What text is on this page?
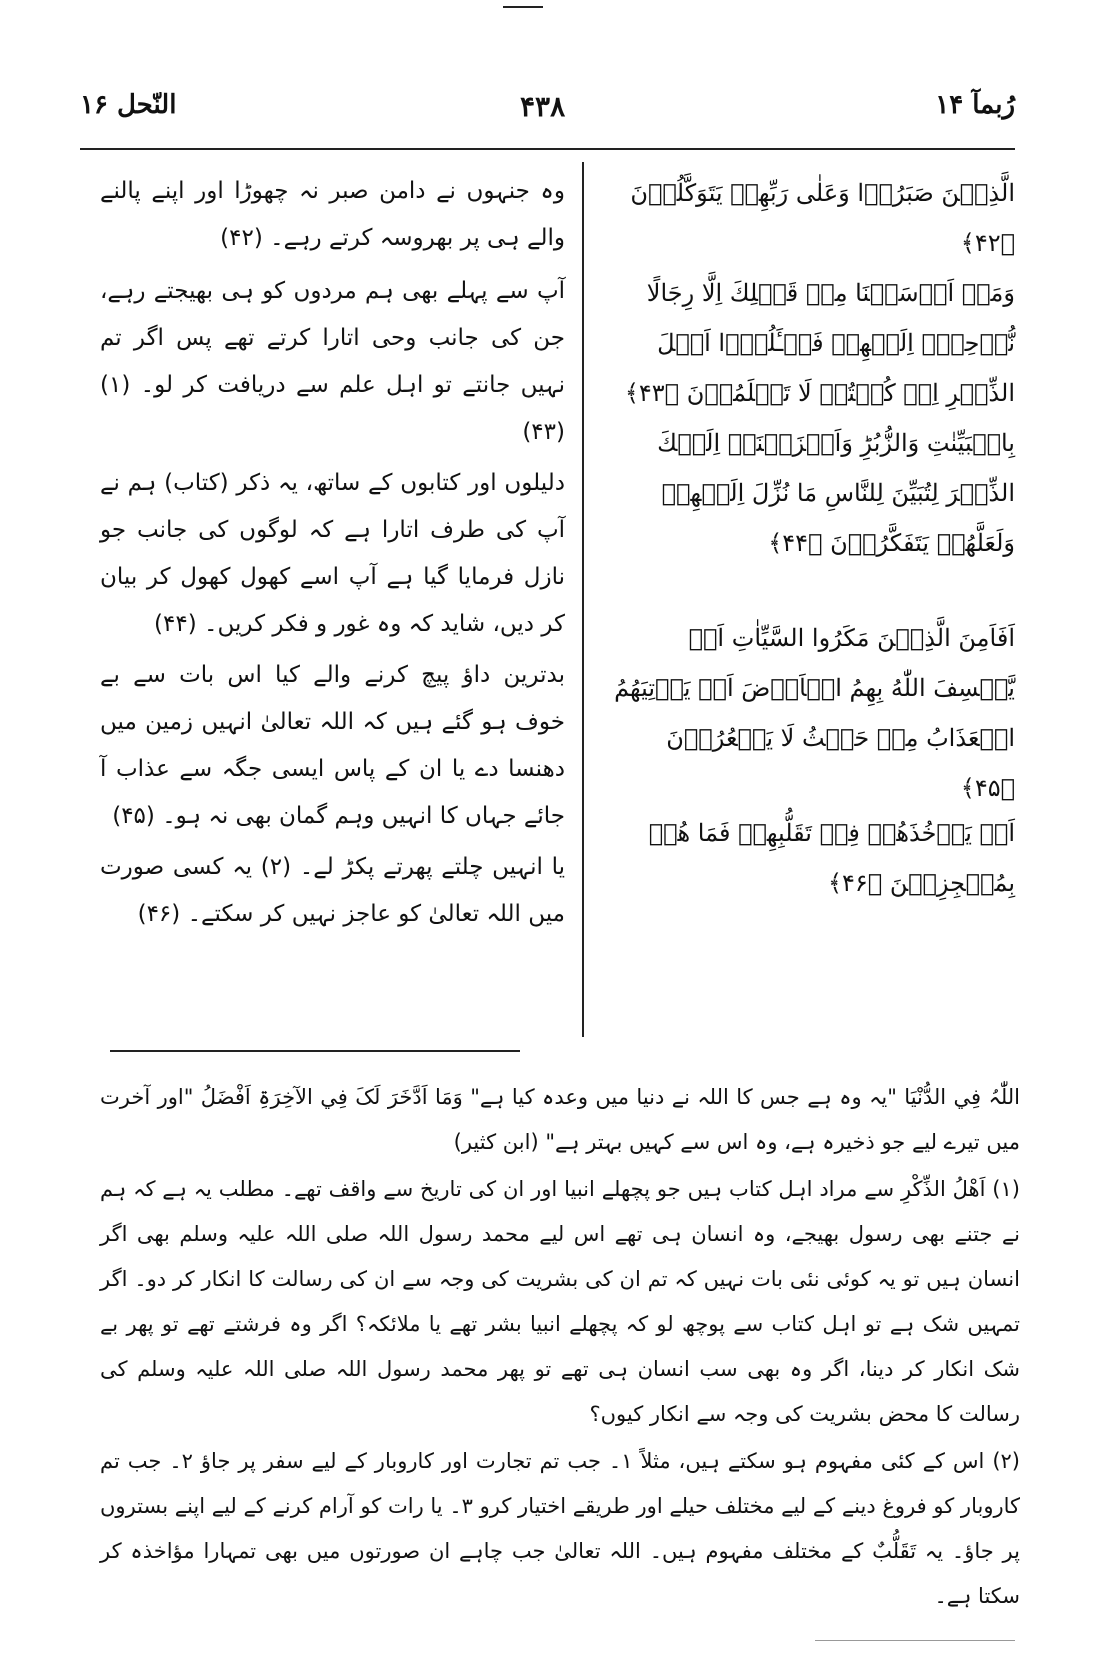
النّحل ۱۶	۴۳۸	رُبمآ ۱۴
الَّذِيۡنَ صَبَرُوۡا وَعَلٰى رَبِّهِمۡ يَتَوَكَّلُوۡنَ ﴿۴۲﴾
وَمَاۤ اَرۡسَلۡنَا مِنۡ قَبۡلِكَ اِلَّا رِجَالًا نُّوۡحِىۡۤ اِلَيۡهِمۡ فَسۡـَٔلُوۡۤا اَهۡلَ الذِّكۡرِ اِنۡ كُنۡتُمۡ لَا تَعۡلَمُوۡنَ ﴿۴۳﴾
بِالۡبَيِّنٰتِ وَالزُّبُرِ‌ؕ وَاَنۡزَلۡنَاۤ اِلَيۡكَ الذِّكۡرَ لِتُبَيِّنَ لِلنَّاسِ مَا نُزِّلَ اِلَيۡهِمۡ وَلَعَلَّهُمۡ يَتَفَكَّرُوۡنَ ﴿۴۴﴾
اَفَاَمِنَ الَّذِيۡنَ مَكَرُوا السَّيِّاٰتِ اَنۡ يَّخۡسِفَ اللّٰهُ بِهِمُ الۡاَرۡضَ اَوۡ يَاۡتِيَهُمُ الۡعَذَابُ مِنۡ حَيۡثُ لَا يَشۡعُرُوۡنَ ﴿۴۵﴾
اَوۡ يَاۡخُذَهُمۡ فِىۡ تَقَلُّبِهِمۡ فَمَا هُمۡ بِمُعۡجِزِيۡنَ ﴿۴۶﴾

وہ جنہوں نے دامن صبر نہ چھوڑا اور اپنے پالنے والے ہی پر بھروسہ کرتے رہے۔ (۴۲)

آپ سے پہلے بھی ہم مردوں کو ہی بھیجتے رہے، جن کی جانب وحی اتارا کرتے تھے پس اگر تم نہیں جانتے تو اہل علم سے دریافت کر لو۔ (۱) (۴۳)

دلیلوں اور کتابوں کے ساتھ، یہ ذکر (کتاب) ہم نے آپ کی طرف اتارا ہے کہ لوگوں کی جانب جو نازل فرمایا گیا ہے آپ اسے کھول کھول کر بیان کر دیں، شاید کہ وہ غور و فکر کریں۔ (۴۴)

بدترین داؤ پیچ کرنے والے کیا اس بات سے بے خوف ہو گئے ہیں کہ اللہ تعالیٰ انہیں زمین میں دھنسا دے یا ان کے پاس ایسی جگہ سے عذاب آ جائے جہاں کا انہیں وہم گمان بھی نہ ہو۔ (۴۵)

یا انہیں چلتے پھرتے پکڑ لے۔ (۲) یہ کسی صورت میں اللہ تعالیٰ کو عاجز نہیں کر سکتے۔ (۴۶)

اللّٰہُ فِي الدُّنْيَا "یہ وہ ہے جس کا اللہ نے دنیا میں وعدہ کیا ہے" وَمَا اَدَّخَرَ لَکَ فِي الآخِرَۃِ اَفْضَلُ "اور آخرت میں تیرے لیے جو ذخیرہ ہے، وہ اس سے کہیں بہتر ہے" (ابن کثیر)

(۱) اَهْلُ الذِّكْرِ سے مراد اہل کتاب ہیں جو پچھلے انبیا اور ان کی تاریخ سے واقف تھے۔ مطلب یہ ہے کہ ہم نے جتنے بھی رسول بھیجے، وہ انسان ہی تھے اس لیے محمد رسول اللہ صلی اللہ علیہ وسلم بھی اگر انسان ہیں تو یہ کوئی نئی بات نہیں کہ تم ان کی بشریت کی وجہ سے ان کی رسالت کا انکار کر دو۔ اگر تمہیں شک ہے تو اہل کتاب سے پوچھ لو کہ پچھلے انبیا بشر تھے یا ملائکہ؟ اگر وہ فرشتے تھے تو پھر بے شک انکار کر دینا، اگر وہ بھی سب انسان ہی تھے تو پھر محمد رسول اللہ صلی اللہ علیہ وسلم کی رسالت کا محض بشریت کی وجہ سے انکار کیوں؟

(۲) اس کے کئی مفہوم ہو سکتے ہیں، مثلاً ۱۔ جب تم تجارت اور کاروبار کے لیے سفر پر جاؤ ۲۔ جب تم کاروبار کو فروغ دینے کے لیے مختلف حیلے اور طریقے اختیار کرو ۳۔ یا رات کو آرام کرنے کے لیے اپنے بستروں پر جاؤ۔ یہ تَقَلُّبٌ کے مختلف مفہوم ہیں۔ اللہ تعالیٰ جب چاہے ان صورتوں میں بھی تمہارا مؤاخذہ کر سکتا ہے۔
